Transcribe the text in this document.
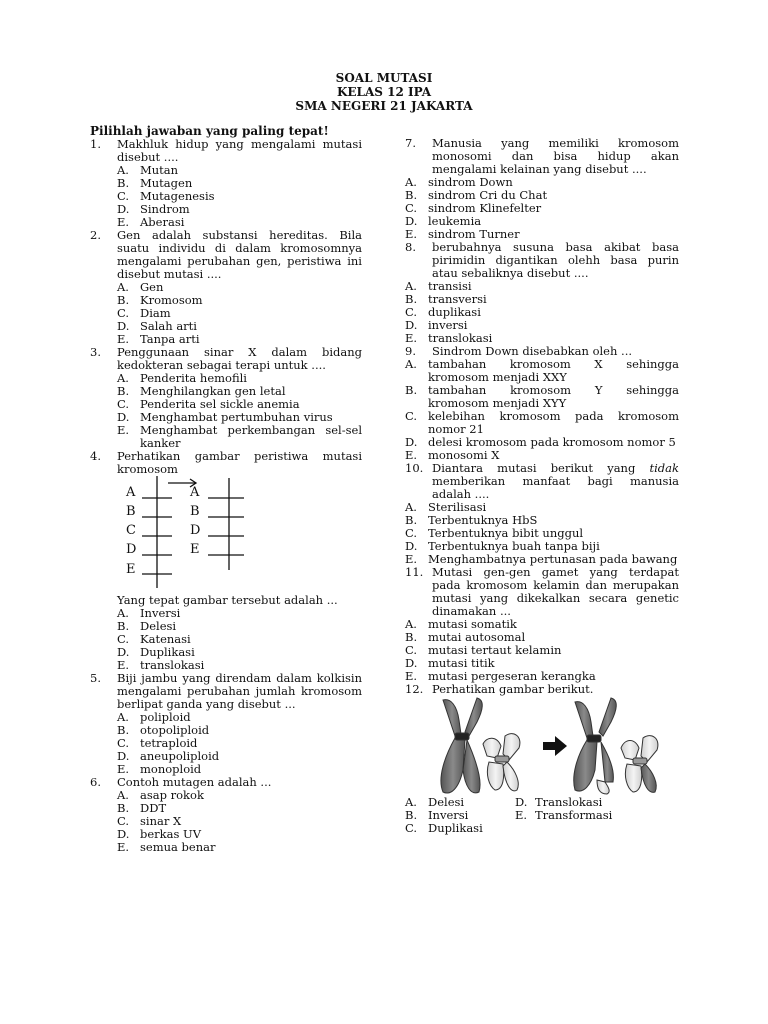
SOAL MUTASI
KELAS 12 IPA
SMA NEGERI 21 JAKARTA
Pilihlah jawaban yang paling tepat!
1. Makhluk hidup yang mengalami mutasi disebut ....
A. Mutan
B. Mutagen
C. Mutagenesis
D. Sindrom
E. Aberasi
2. Gen adalah substansi hereditas. Bila suatu individu di dalam kromosomnya mengalami perubahan gen, peristiwa ini disebut mutasi ....
A. Gen
B. Kromosom
C. Diam
D. Salah arti
E. Tanpa arti
3. Penggunaan sinar X dalam bidang kedokteran sebagai terapi untuk ....
A. Penderita hemofili
B. Menghilangkan gen letal
C. Penderita sel sickle anemia
D. Menghambat pertumbuhan virus
E. Menghambat perkembangan sel-sel kanker
4. Perhatikan gambar peristiwa mutasi kromosom
A
B
C
D
E
A
B
D
E
Yang tepat gambar tersebut adalah ...
A. Inversi
B. Delesi
C. Katenasi
D. Duplikasi
E. translokasi
5. Biji jambu yang direndam dalam kolkisin mengalami perubahan jumlah kromosom berlipat ganda yang disebut ...
A. poliploid
B. otopoliploid
C. tetraploid
D. aneupoliploid
E. monoploid
6. Contoh mutagen adalah ...
A. asap rokok
B. DDT
C. sinar X
D. berkas UV
E. semua benar
7. Manusia yang memiliki kromosom monosomi dan bisa hidup akan mengalami kelainan yang disebut ....
A. sindrom Down
B. sindrom Cri du Chat
C. sindrom Klinefelter
D. leukemia
E. sindrom Turner
8. berubahnya susuna basa akibat basa pirimidin digantikan olehh basa purin atau sebaliknya disebut ....
A. transisi
B. transversi
C. duplikasi
D. inversi
E. translokasi
9. Sindrom Down disebabkan oleh ...
A. tambahan kromosom X sehingga kromosom menjadi XXY
B. tambahan kromosom Y sehingga kromosom menjadi XYY
C. kelebihan kromosom pada kromosom nomor 21
D. delesi kromosom pada kromosom nomor 5
E. monosomi X
10. Diantara mutasi berikut yang tidak memberikan manfaat bagi manusia adalah ....
A. Sterilisasi
B. Terbentuknya HbS
C. Terbentuknya bibit unggul
D. Terbentuknya buah tanpa biji
E. Menghambatnya pertunasan pada bawang
11. Mutasi gen-gen gamet yang terdapat pada kromosom kelamin dan merupakan mutasi yang dikekalkan secara genetic dinamakan ...
A. mutasi somatik
B. mutai autosomal
C. mutasi tertaut kelamin
D. mutasi titik
E. mutasi pergeseran kerangka
12. Perhatikan gambar berikut.
A. Delesi
B. Inversi
C. Duplikasi
D. Translokasi
E. Transformasi
